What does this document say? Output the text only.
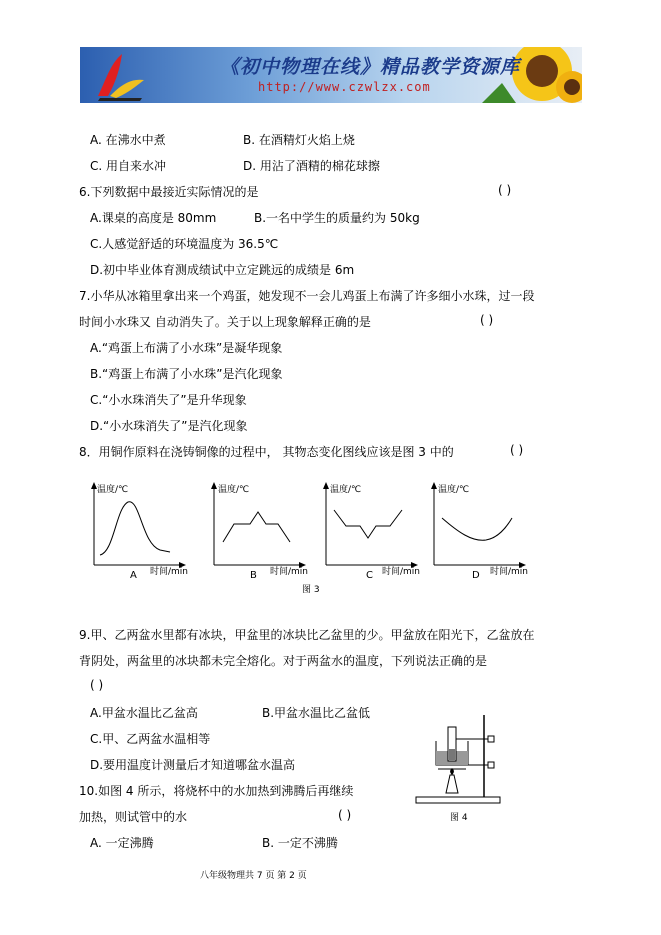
《初中物理在线》精品教学资源库
http://www.czwlzx.com
A. 在沸水中煮	B. 在酒精灯火焰上烧
C. 用自来水冲	D. 用沾了酒精的棉花球擦
6.下列数据中最接近实际情况的是	( )
A.课桌的高度是 80mm	B.一名中学生的质量约为 50kg
C.人感觉舒适的环境温度为 36.5℃
D.初中毕业体育测成绩试中立定跳远的成绩是 6m
7.小华从冰箱里拿出来一个鸡蛋，她发现不一会儿鸡蛋上布满了许多细小水珠，过一段
时间小水珠又 自动消失了。关于以上现象解释正确的是	( )
A.“鸡蛋上布满了小水珠”是凝华现象
B.“鸡蛋上布满了小水珠”是汽化现象
C.“小水珠消失了”是升华现象
D.“小水珠消失了”是汽化现象
8．用铜作原料在浇铸铜像的过程中， 其物态变化图线应该是图 3 中的	( )
温度/℃
时间/min
A
温度/℃
时间/min
B
温度/℃
时间/min
C
温度/℃
时间/min
D
图 3
9.甲、乙两盆水里都有冰块，甲盆里的冰块比乙盆里的少。甲盆放在阳光下，乙盆放在
背阴处，两盆里的冰块都未完全熔化。对于两盆水的温度，下列说法正确的是
( )
A.甲盆水温比乙盆高	B.甲盆水温比乙盆低
C.甲、乙两盆水温相等
D.要用温度计测量后才知道哪盆水温高
10.如图 4 所示，将烧杯中的水加热到沸腾后再继续
加热，则试管中的水	( )
A. 一定沸腾	B. 一定不沸腾
图 4
八年级物理共 7 页 第 2 页
